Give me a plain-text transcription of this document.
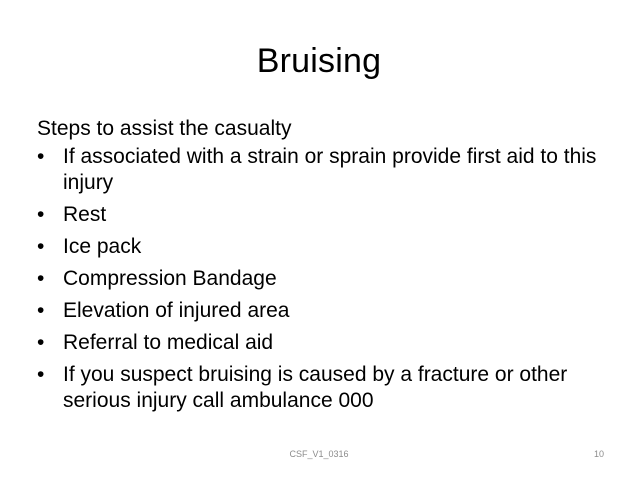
Bruising
Steps to assist the casualty
• If associated with a strain or sprain provide first aid to this injury
• Rest
• Ice pack
• Compression Bandage
• Elevation of injured area
• Referral to medical aid
• If you suspect bruising is caused by a fracture or other serious injury call ambulance 000
CSF_V1_0316	10
